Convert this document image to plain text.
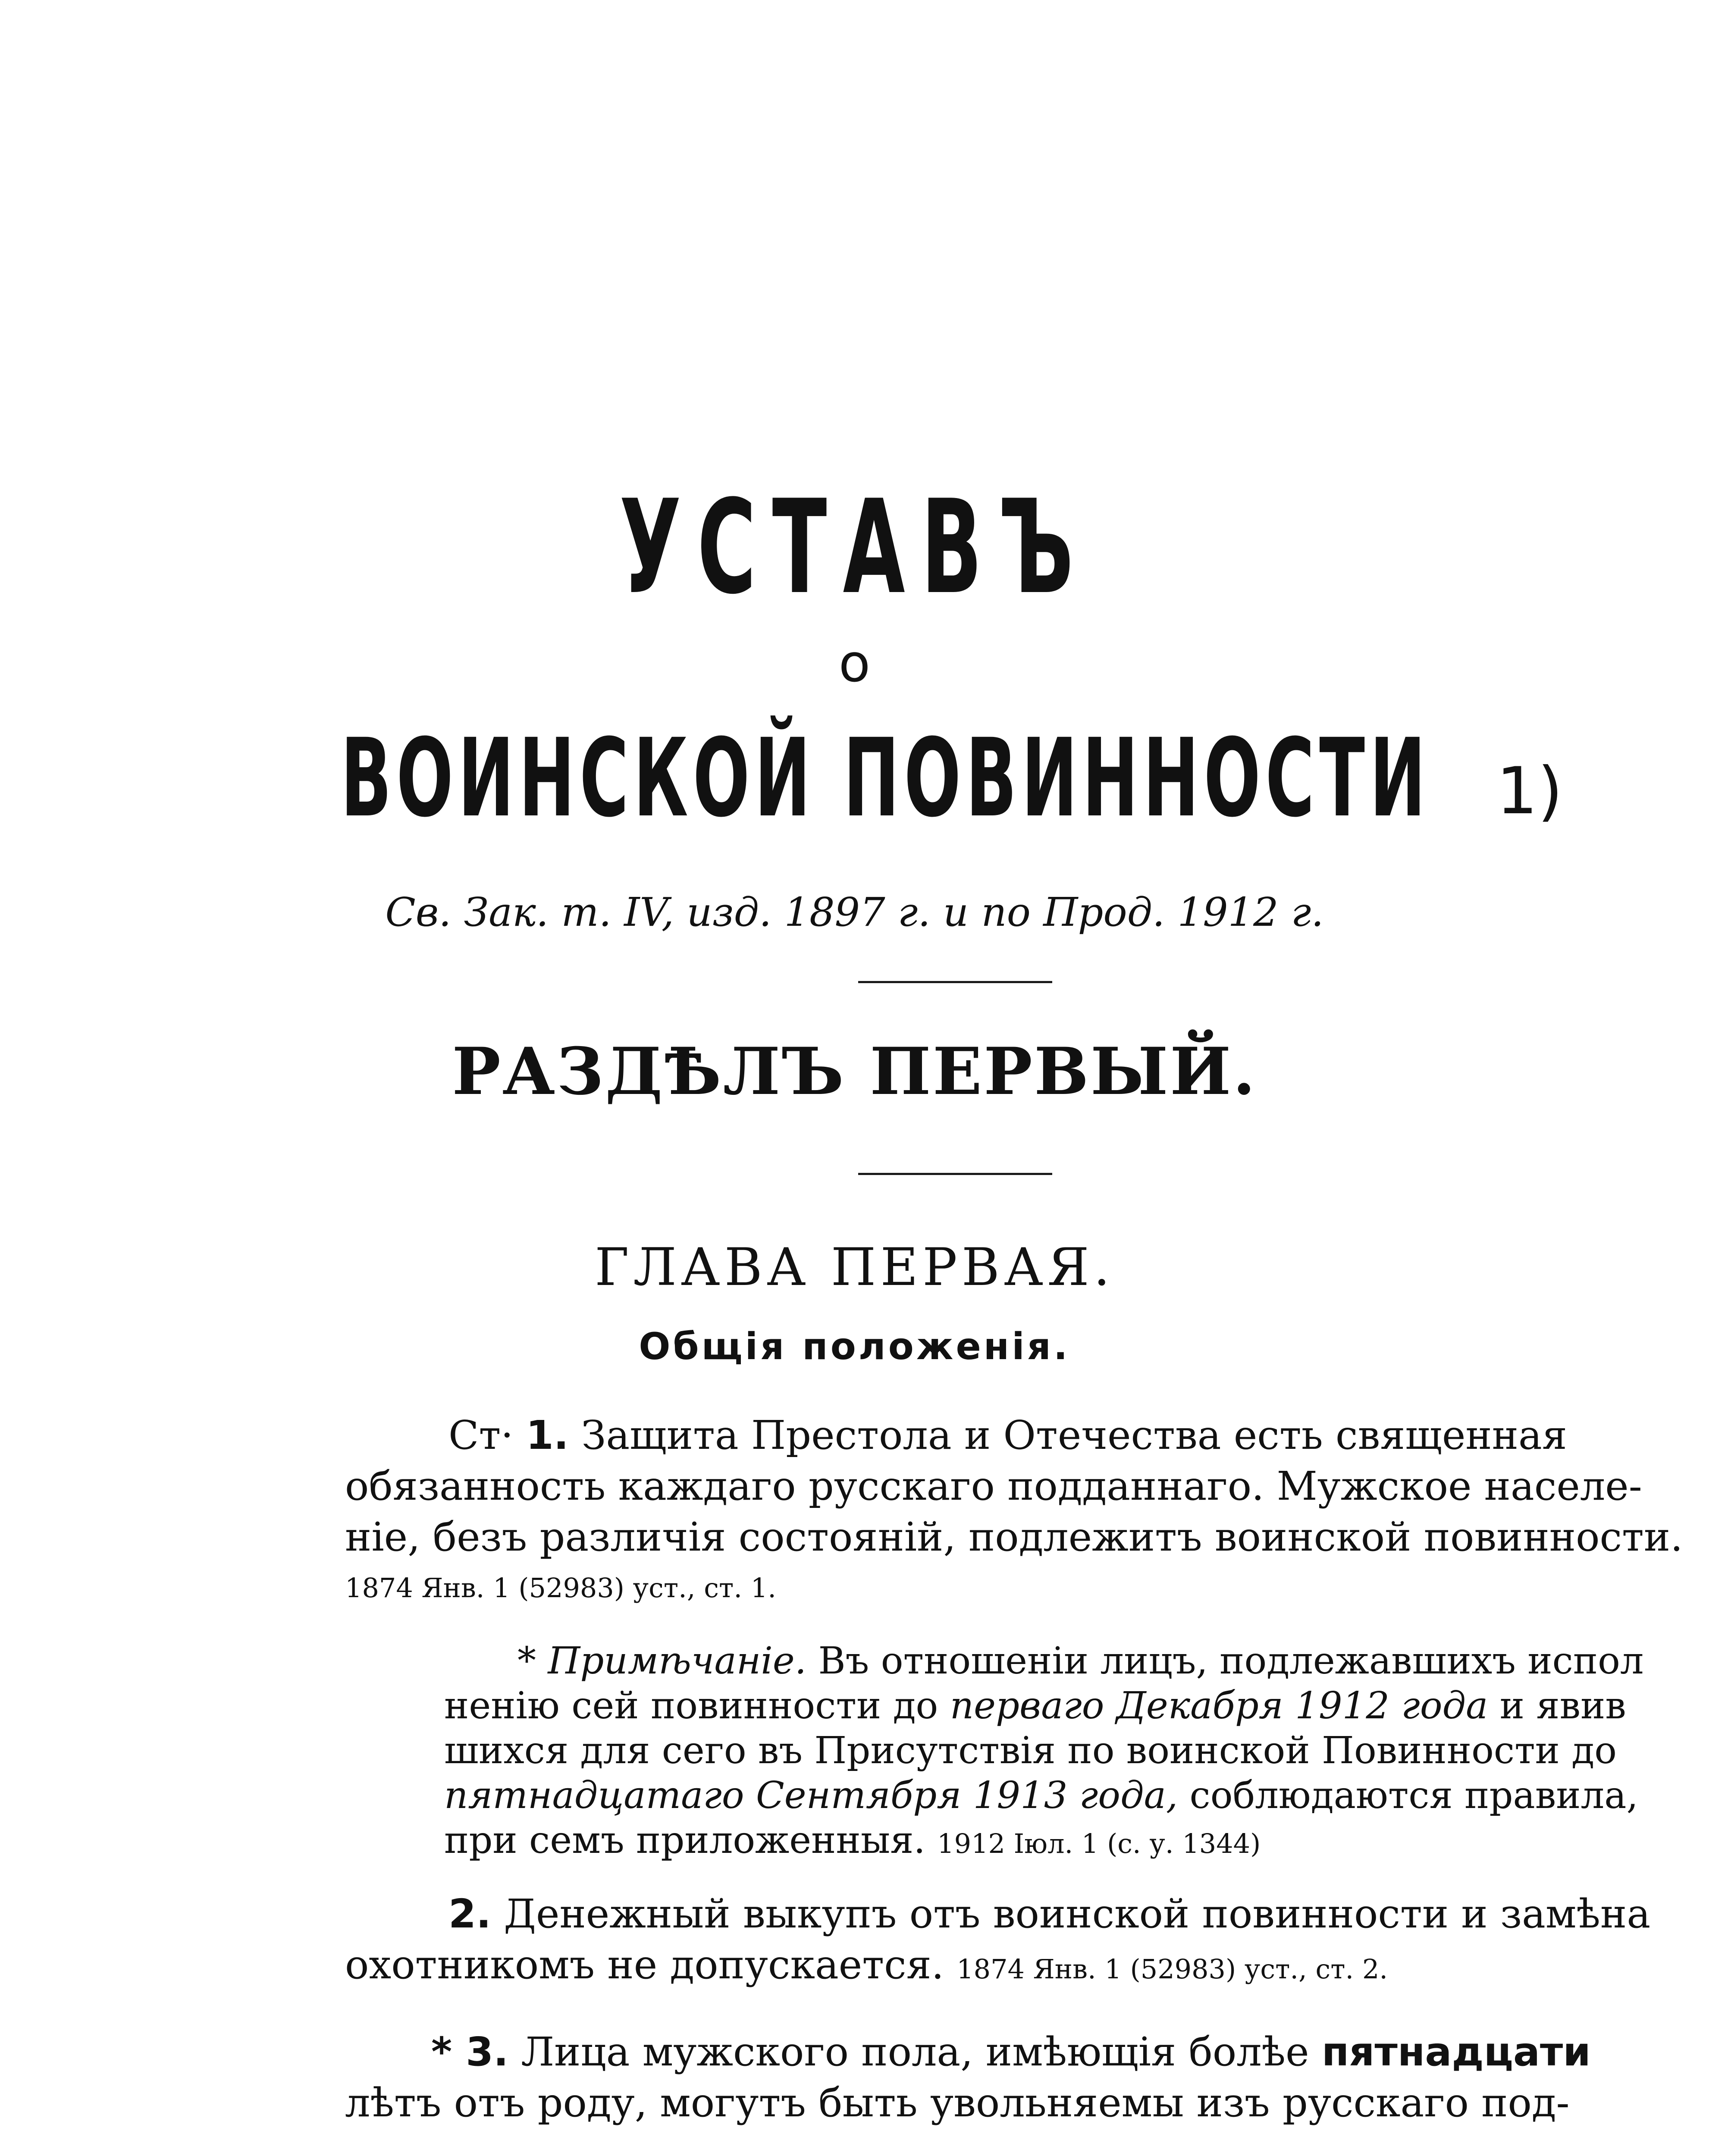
УСТАВЪ
о
ВОИНСКОЙ ПОВИННОСТИ 1)
Св. Зак. т. IV, изд. 1897 г. и по Прод. 1912 г.
РАЗДѢЛЪ ПЕРВЫЙ.
ГЛАВА ПЕРВАЯ.
Общія положенія.
Ст· 1. Защита Престола и Отечества есть священная
обязанность каждаго русскаго подданнаго. Мужское населе-
ніе, безъ различія состояній, подлежитъ воинской повинности.
1874 Янв. 1 (52983) уст., ст. 1.
* Примѣчаніе. Въ отношеніи лицъ, подлежавшихъ испол
ненію сей повинности до перваго Декабря 1912 года и явив
шихся для сего въ Присутствія по воинской Повинности до
пятнадцатаго Сентября 1913 года, соблюдаются правила,
при семъ приложенныя. 1912 Іюл. 1 (с. у. 1344)
2. Денежный выкупъ отъ воинской повинности и замѣна
охотникомъ не допускается. 1874 Янв. 1 (52983) уст., ст. 2.
* 3. Лица мужского пола, имѣющія болѣе пятнадцати
лѣтъ отъ роду, могутъ быть увольняемы изъ русскаго под-
